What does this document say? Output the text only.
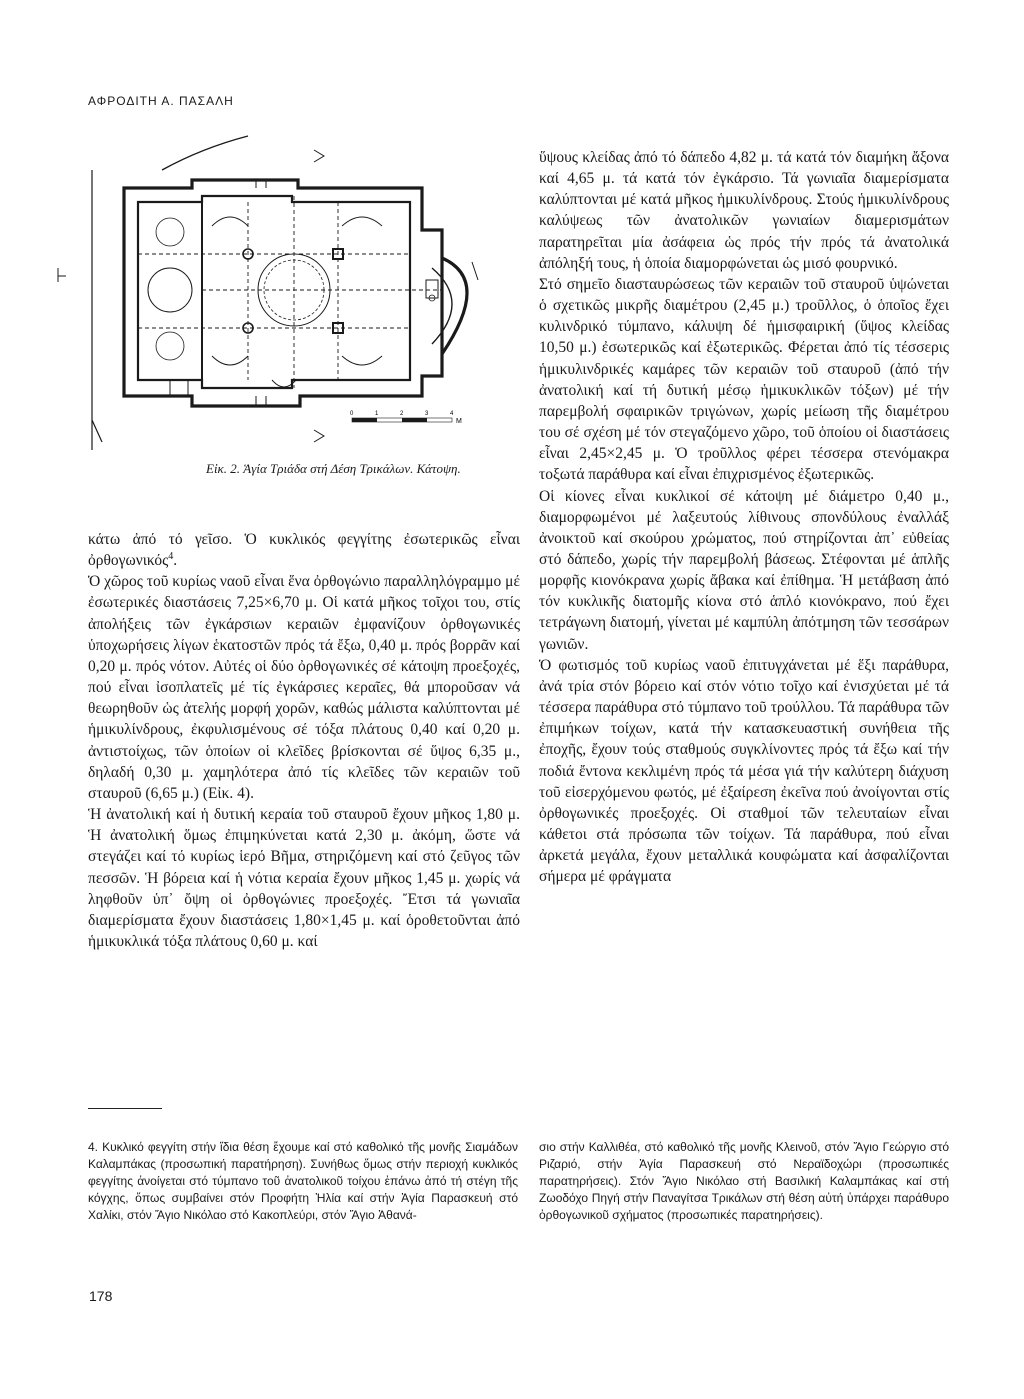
ΑΦΡΟΔΙΤΗ Α. ΠΑΣΑΛΗ
0	1	2	3	4
M
Εἰκ. 2. Ἁγία Τριάδα στή Δέση Τρικάλων. Κάτοψη.

κάτω ἀπό τό γεῖσο. Ὁ κυκλικός φεγγίτης ἐσωτερικῶς εἶναι ὀρθογωνικός$^4$.

Ὁ χῶρος τοῦ κυρίως ναοῦ εἶναι ἕνα ὀρθογώνιο παραλληλόγραμμο μέ ἐσωτερικές διαστάσεις 7,25×6,70 μ. Οἱ κατά μῆκος τοῖχοι του, στίς ἀπολήξεις τῶν ἐγκάρσιων κεραιῶν ἐμφανίζουν ὀρθογωνικές ὑποχωρήσεις λίγων ἑκατοστῶν πρός τά ἔξω, 0,40 μ. πρός βορρᾶν καί 0,20 μ. πρός νότον. Αὐτές οἱ δύο ὀρθογωνικές σέ κάτοψη προεξοχές, πού εἶναι ἰσοπλατεῖς μέ τίς ἐγκάρσιες κεραῖες, θά μποροῦσαν νά θεωρηθοῦν ὡς ἀτελής μορφή χορῶν, καθώς μάλιστα καλύπτονται μέ ἡμικυλίνδρους, ἐκφυλισμένους σέ τόξα πλάτους 0,40 καί 0,20 μ. ἀντιστοίχως, τῶν ὁποίων οἱ κλεῖδες βρίσκονται σέ ὕψος 6,35 μ., δηλαδή 0,30 μ. χαμηλότερα ἀπό τίς κλεῖδες τῶν κεραιῶν τοῦ σταυροῦ (6,65 μ.) (Εἰκ. 4).

Ἡ ἀνατολική καί ἡ δυτική κεραία τοῦ σταυροῦ ἔχουν μῆκος 1,80 μ. Ἡ ἀνατολική ὅμως ἐπιμηκύνεται κατά 2,30 μ. ἀκόμη, ὥστε νά στεγάζει καί τό κυρίως ἱερό Βῆμα, στηριζόμενη καί στό ζεῦγος τῶν πεσσῶν. Ἡ βόρεια καί ἡ νότια κεραία ἔχουν μῆκος 1,45 μ. χωρίς νά ληφθοῦν ὑπ᾽ ὄψη οἱ ὀρθογώνιες προεξοχές. Ἔτσι τά γωνιαῖα διαμερίσματα ἔχουν διαστάσεις 1,80×1,45 μ. καί ὁροθετοῦνται ἀπό ἡμικυκλικά τόξα πλάτους 0,60 μ. καί

ὕψους κλείδας ἀπό τό δάπεδο 4,82 μ. τά κατά τόν διαμήκη ἄξονα καί 4,65 μ. τά κατά τόν ἐγκάρσιο. Τά γωνιαῖα διαμερίσματα καλύπτονται μέ κατά μῆκος ἡμικυλίνδρους. Στούς ἡμικυλίνδρους καλύψεως τῶν ἀνατολικῶν γωνιαίων διαμερισμάτων παρατηρεῖται μία ἀσάφεια ὡς πρός τήν πρός τά ἀνατολικά ἀπόληξή τους, ἡ ὁποία διαμορφώνεται ὡς μισό φουρνικό.

Στό σημεῖο διασταυρώσεως τῶν κεραιῶν τοῦ σταυροῦ ὑψώνεται ὁ σχετικῶς μικρῆς διαμέτρου (2,45 μ.) τροῦλλος, ὁ ὁποῖος ἔχει κυλινδρικό τύμπανο, κάλυψη δέ ἡμισφαιρική (ὕψος κλείδας 10,50 μ.) ἐσωτερικῶς καί ἐξωτερικῶς. Φέρεται ἀπό τίς τέσσερις ἡμικυλινδρικές καμάρες τῶν κεραιῶν τοῦ σταυροῦ (ἀπό τήν ἀνατολική καί τή δυτική μέσῳ ἡμικυκλικῶν τόξων) μέ τήν παρεμβολή σφαιρικῶν τριγώνων, χωρίς μείωση τῆς διαμέτρου του σέ σχέση μέ τόν στεγαζόμενο χῶρο, τοῦ ὁποίου οἱ διαστάσεις εἶναι 2,45×2,45 μ. Ὁ τροῦλλος φέρει τέσσερα στενόμακρα τοξωτά παράθυρα καί εἶναι ἐπιχρισμένος ἐξωτερικῶς.

Οἱ κίονες εἶναι κυκλικοί σέ κάτοψη μέ διάμετρο 0,40 μ., διαμορφωμένοι μέ λαξευτούς λίθινους σπονδύλους ἐναλλάξ ἀνοικτοῦ καί σκούρου χρώματος, πού στηρίζονται ἀπ᾽ εὐθείας στό δάπεδο, χωρίς τήν παρεμβολή βάσεως. Στέφονται μέ ἁπλῆς μορφῆς κιονόκρανα χωρίς ἄβακα καί ἐπίθημα. Ἡ μετάβαση ἀπό τόν κυκλικῆς διατομῆς κίονα στό ἁπλό κιονόκρανο, πού ἔχει τετράγωνη διατομή, γίνεται μέ καμπύλη ἀπότμηση τῶν τεσσάρων γωνιῶν.

Ὁ φωτισμός τοῦ κυρίως ναοῦ ἐπιτυγχάνεται μέ ἕξι παράθυρα, ἀνά τρία στόν βόρειο καί στόν νότιο τοῖχο καί ἐνισχύεται μέ τά τέσσερα παράθυρα στό τύμπανο τοῦ τρούλλου. Τά παράθυρα τῶν ἐπιμήκων τοίχων, κατά τήν κατασκευαστική συνήθεια τῆς ἐποχῆς, ἔχουν τούς σταθμούς συγκλίνοντες πρός τά ἔξω καί τήν ποδιά ἔντονα κεκλιμένη πρός τά μέσα γιά τήν καλύτερη διάχυση τοῦ εἰσερχόμενου φωτός, μέ ἐξαίρεση ἐκεῖνα πού ἀνοίγονται στίς ὀρθογωνικές προεξοχές. Οἱ σταθμοί τῶν τελευταίων εἶναι κάθετοι στά πρόσωπα τῶν τοίχων. Τά παράθυρα, πού εἶναι ἀρκετά μεγάλα, ἔχουν μεταλλικά κουφώματα καί ἀσφαλίζονται σήμερα μέ φράγματα

4. Κυκλικό φεγγίτη στήν ἴδια θέση ἔχουμε καί στό καθολικό τῆς μονῆς Σιαμάδων Καλαμπάκας (προσωπική παρατήρηση). Συνήθως ὅμως στήν περιοχή κυκλικός φεγγίτης ἀνοίγεται στό τύμπανο τοῦ ἀνατολικοῦ τοίχου ἐπάνω ἀπό τή στέγη τῆς κόγχης, ὅπως συμβαίνει στόν Προφήτη Ἠλία καί στήν Ἁγία Παρασκευή στό Χαλίκι, στόν Ἅγιο Νικόλαο στό Κακοπλεύρι, στόν Ἅγιο Ἀθανά-
σιο στήν Καλλιθέα, στό καθολικό τῆς μονῆς Κλεινοῦ, στόν Ἅγιο Γεώργιο στό Ριζαριό, στήν Ἁγία Παρασκευή στό Νεραϊδοχώρι (προσωπικές παρατηρήσεις). Στόν Ἅγιο Νικόλαο στή Βασιλική Καλαμπάκας καί στή Ζωοδόχο Πηγή στήν Παναγίτσα Τρικάλων στή θέση αὐτή ὑπάρχει παράθυρο ὀρθογωνικοῦ σχήματος (προσωπικές παρατηρήσεις).
178
